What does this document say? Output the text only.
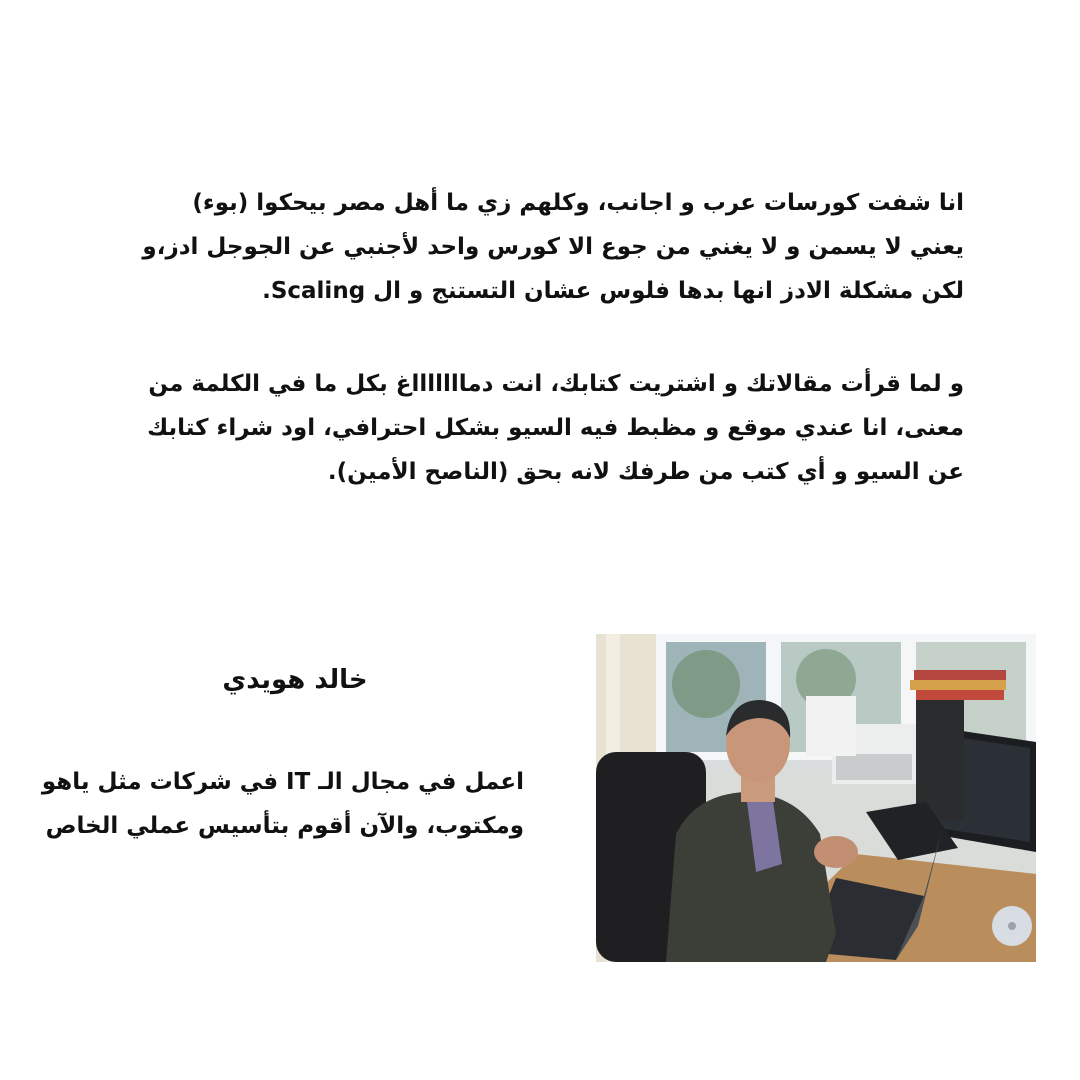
انا شفت كورسات عرب و اجانب، وكلهم زي ما أهل مصر بيحكوا (بوء)
يعني لا يسمن و لا يغني من جوع الا كورس واحد لأجنبي عن الجوجل ادز،و
لكن مشكلة الادز انها بدها فلوس عشان التستنج و ال Scaling.
و لما قرأت مقالاتك و اشتريت كتابك، انت دماااااااغ بكل ما في الكلمة من
معنى، انا عندي موقع و مظبط فيه السيو بشكل احترافي، اود شراء كتابك
عن السيو و أي كتب من طرفك لانه بحق (الناصح الأمين).
خالد هويدي
اعمل في مجال الـ IT في شركات مثل ياهو
ومكتوب، والآن أقوم بتأسيس عملي الخاص
